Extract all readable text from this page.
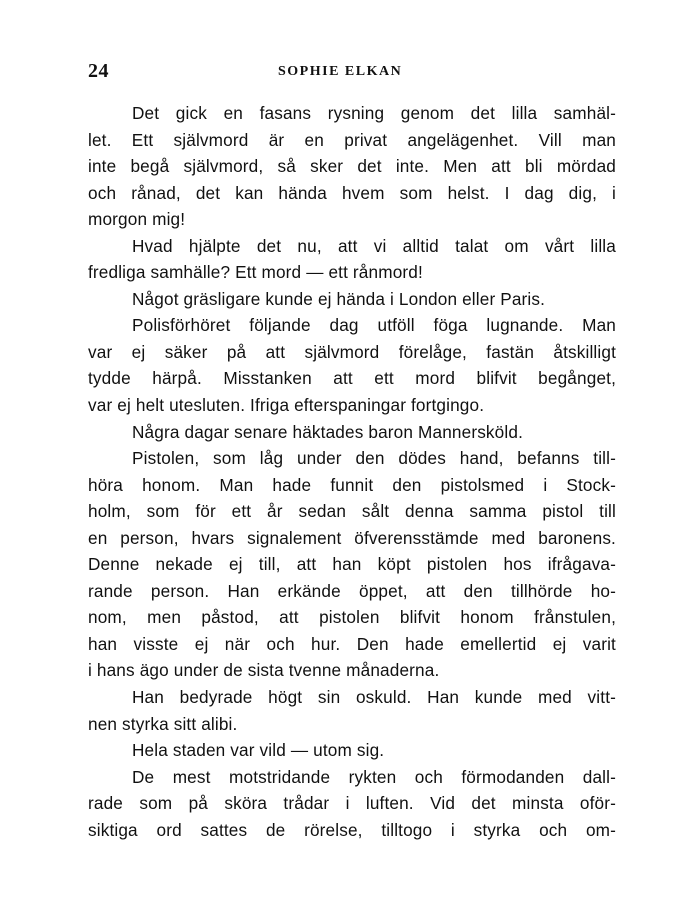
24	SOPHIE ELKAN
Det gick en fasans rysning genom det lilla samhäl-
let. Ett självmord är en privat angelägenhet. Vill man
inte begå självmord, så sker det inte. Men att bli mördad
och rånad, det kan hända hvem som helst. I dag dig, i
morgon mig!
Hvad hjälpte det nu, att vi alltid talat om vårt lilla
fredliga samhälle? Ett mord — ett rånmord!
Något gräsligare kunde ej hända i London eller Paris.
Polisförhöret följande dag utföll föga lugnande. Man
var ej säker på att självmord förelåge, fastän åtskilligt
tydde härpå. Misstanken att ett mord blifvit begånget,
var ej helt utesluten. Ifriga efterspaningar fortgingo.
Några dagar senare häktades baron Mannersköld.
Pistolen, som låg under den dödes hand, befanns till-
höra honom. Man hade funnit den pistolsmed i Stock-
holm, som för ett år sedan sålt denna samma pistol till
en person, hvars signalement öfverensstämde med baronens.
Denne nekade ej till, att han köpt pistolen hos ifrågava-
rande person. Han erkände öppet, att den tillhörde ho-
nom, men påstod, att pistolen blifvit honom frånstulen,
han visste ej när och hur. Den hade emellertid ej varit
i hans ägo under de sista tvenne månaderna.
Han bedyrade högt sin oskuld. Han kunde med vitt-
nen styrka sitt alibi.
Hela staden var vild — utom sig.
De mest motstridande rykten och förmodanden dall-
rade som på sköra trådar i luften. Vid det minsta oför-
siktiga ord sattes de rörelse, tilltogo i styrka och om-
